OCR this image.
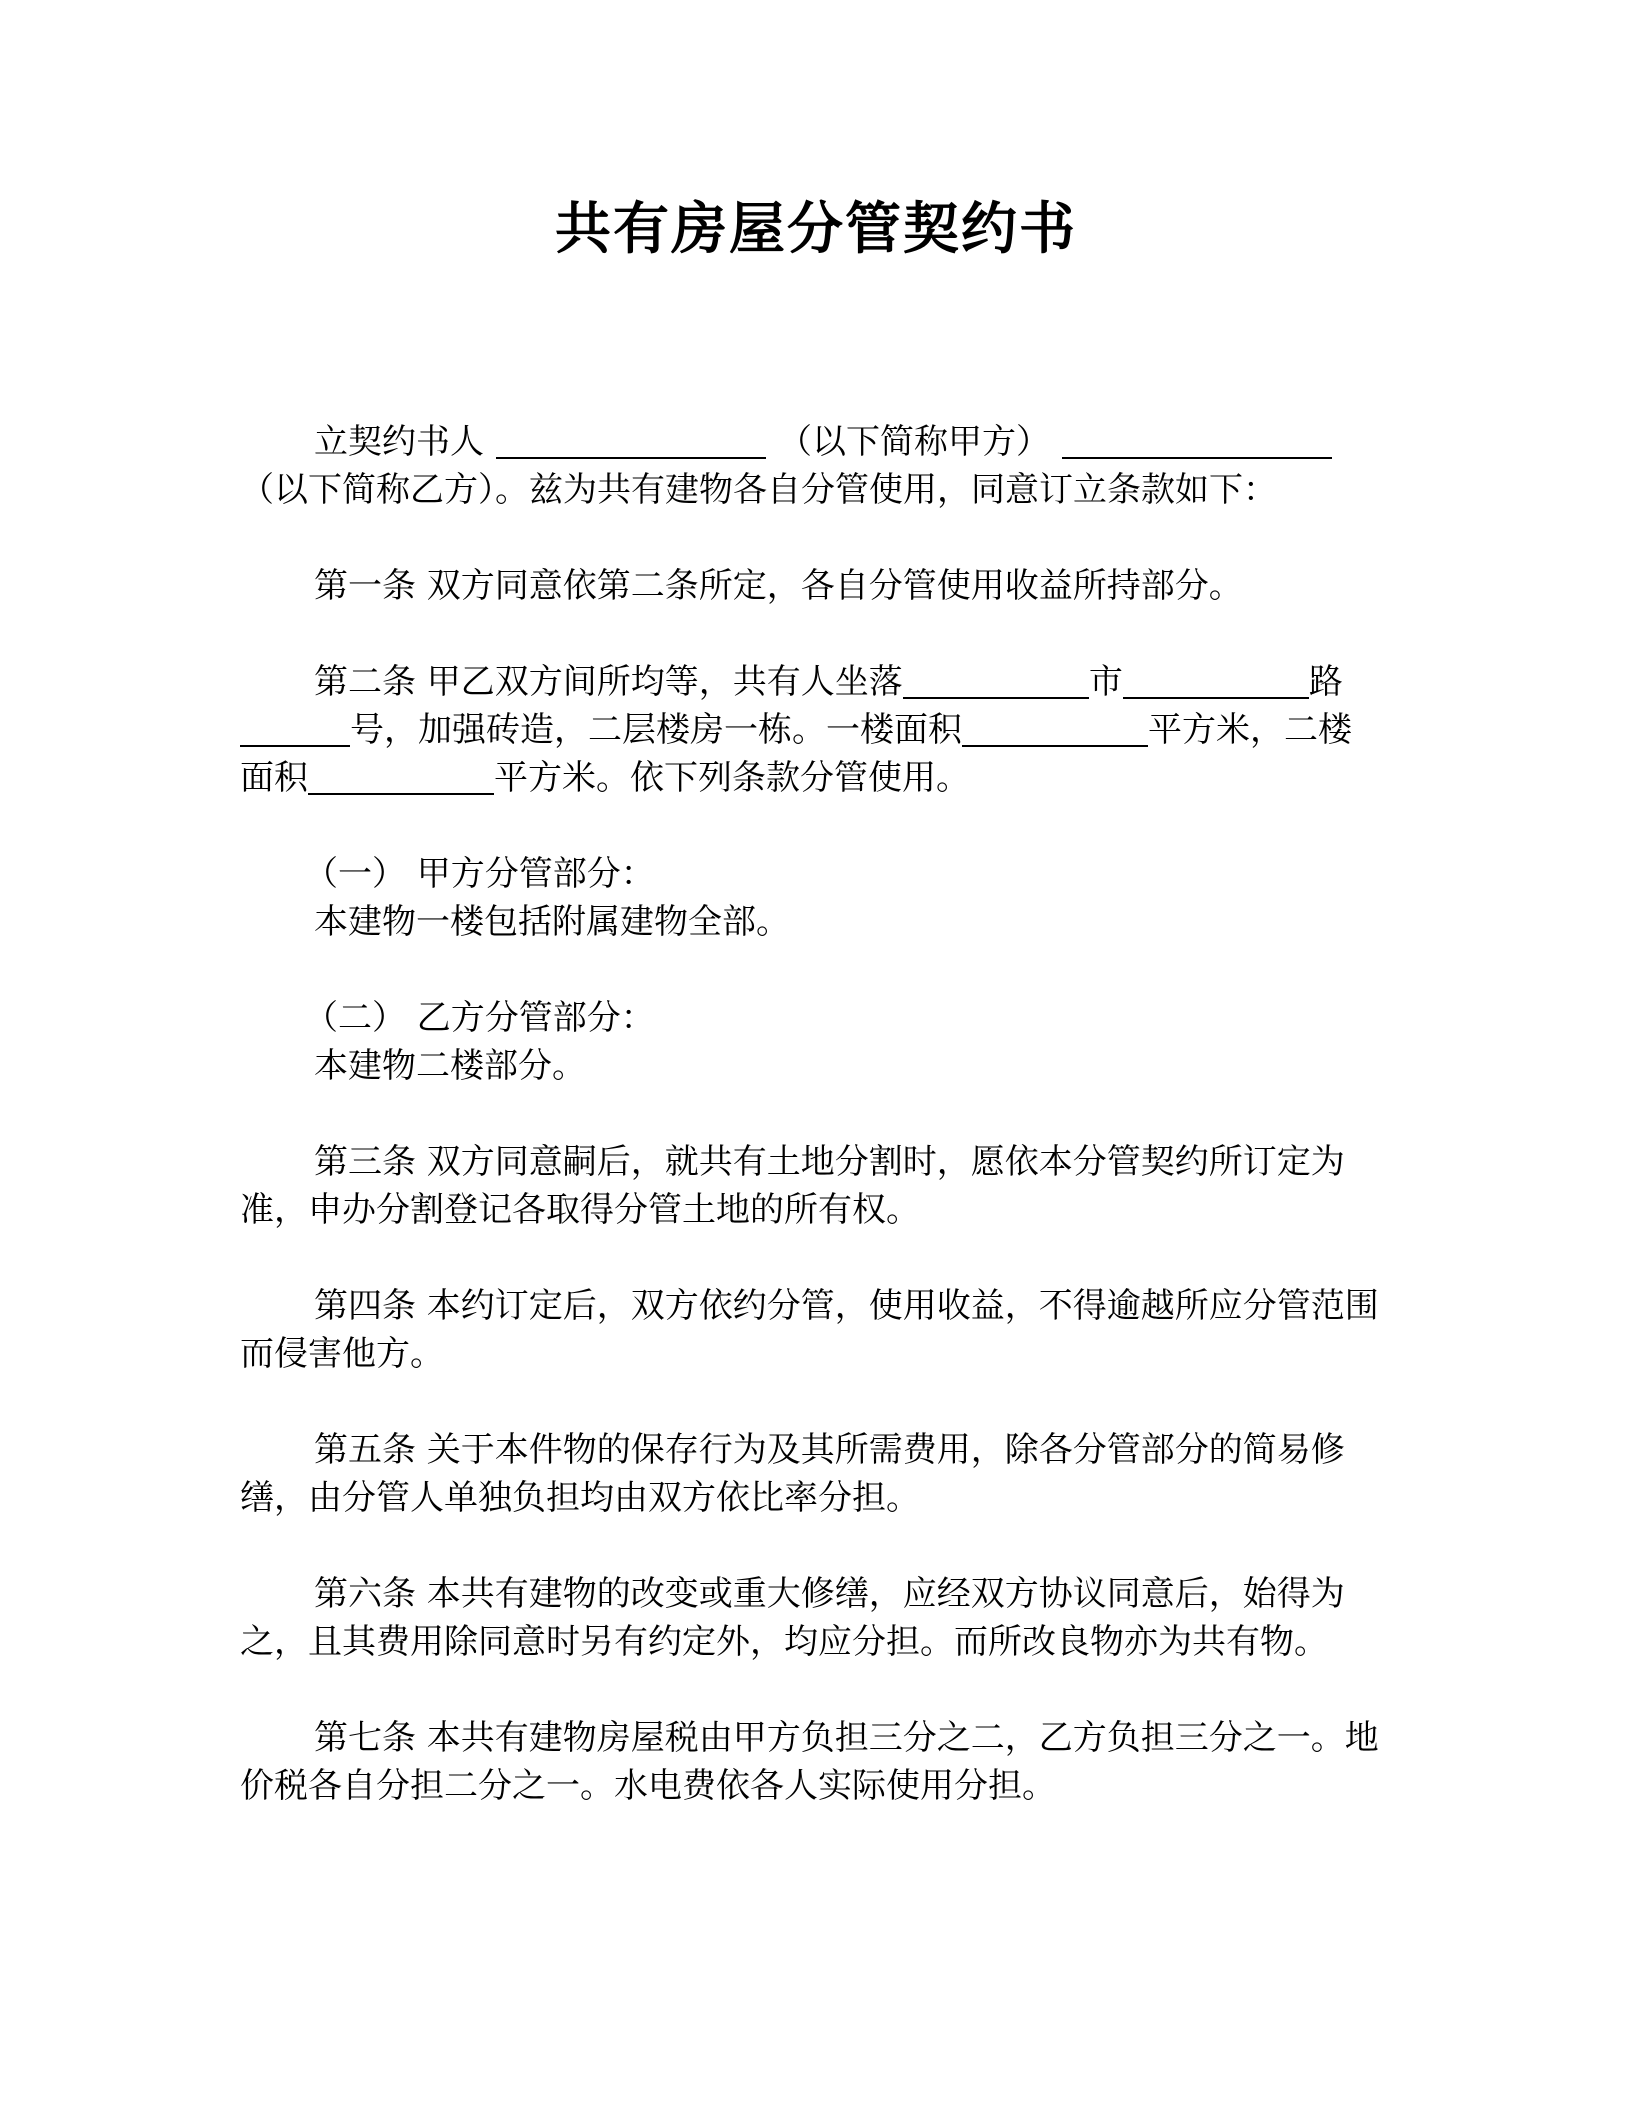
共有房屋分管契约书

立契约书人	（以下简称甲方）（以下简称乙方）。兹为共有建物各自分管使用，同意订立条款如下：

第一条 双方同意依第二条所定，各自分管使用收益所持部分。

第二条 甲乙双方间所均等，共有人坐落	市	路号，加强砖造，二层楼房一栋。一楼面积	平方米，二楼面积	平方米。依下列条款分管使用。

（一） 甲方分管部分：

本建物一楼包括附属建物全部。

（二） 乙方分管部分：

本建物二楼部分。

第三条 双方同意嗣后，就共有土地分割时，愿依本分管契约所订定为准，申办分割登记各取得分管土地的所有权。

第四条 本约订定后，双方依约分管，使用收益，不得逾越所应分管范围而侵害他方。

第五条 关于本件物的保存行为及其所需费用，除各分管部分的简易修缮，由分管人单独负担均由双方依比率分担。

第六条 本共有建物的改变或重大修缮，应经双方协议同意后，始得为之，且其费用除同意时另有约定外，均应分担。而所改良物亦为共有物。

第七条 本共有建物房屋税由甲方负担三分之二，乙方负担三分之一。地价税各自分担二分之一。水电费依各人实际使用分担。
